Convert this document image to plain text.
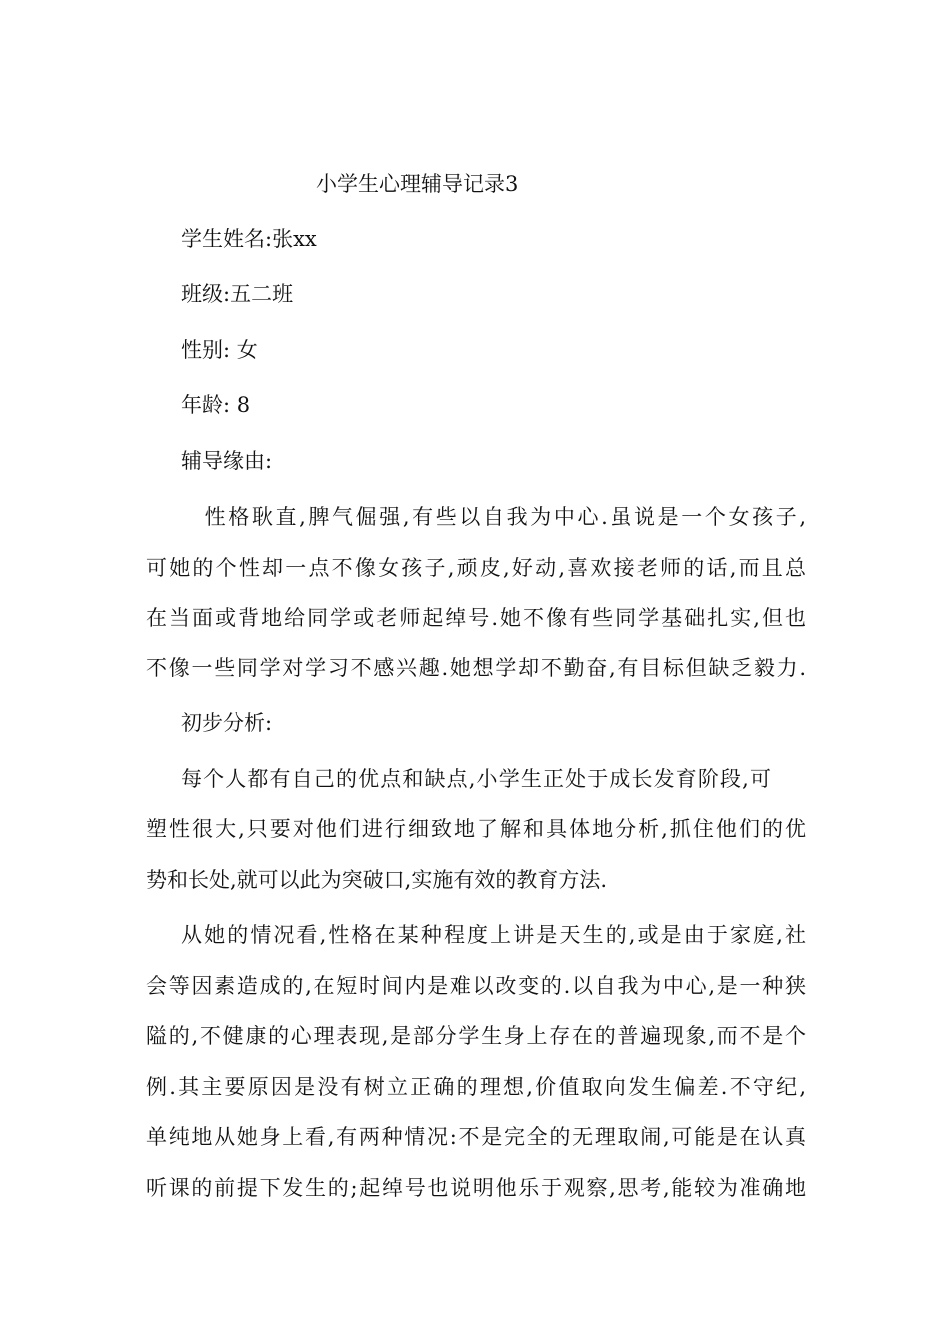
小学生心理辅导记录3

学生姓名:张xx

班级:五二班

性别: 女

年龄: 8

辅导缘由:

　性格耿直,脾气倔强,有些以自我为中心.虽说是一个女孩子,

可她的个性却一点不像女孩子,顽皮,好动,喜欢接老师的话,而且总

在当面或背地给同学或老师起绰号.她不像有些同学基础扎实,但也

不像一些同学对学习不感兴趣.她想学却不勤奋,有目标但缺乏毅力.

初步分析:

每个人都有自己的优点和缺点,小学生正处于成长发育阶段,可

塑性很大,只要对他们进行细致地了解和具体地分析,抓住他们的优

势和长处,就可以此为突破口,实施有效的教育方法.

从她的情况看,性格在某种程度上讲是天生的,或是由于家庭,社

会等因素造成的,在短时间内是难以改变的.以自我为中心,是一种狭

隘的,不健康的心理表现,是部分学生身上存在的普遍现象,而不是个

例.其主要原因是没有树立正确的理想,价值取向发生偏差.不守纪,

单纯地从她身上看,有两种情况:不是完全的无理取闹,可能是在认真

听课的前提下发生的;起绰号也说明他乐于观察,思考,能较为准确地
